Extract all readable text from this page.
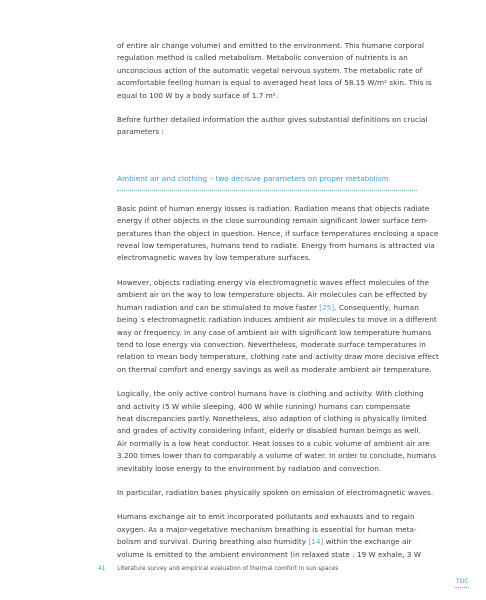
of entire air change volume) and emitted to the environment. This humane corporal
regulation method is called metabolism. Metabolic conversion of nutrients is an
unconscious action of the automatic vegetal nervous system. The metabolic rate of
acomfortable feeling human is equal to averaged heat loss of 58.15 W/m² skin. This is
equal to 100 W by a body surface of 1.7 m².

Before further detailed information the author gives substantial definitions on crucial
parameters :

Ambient air and clothing – two decisive parameters on proper metabolism

Basic point of human energy losses is radiation. Radiation means that objects radiate
energy if other objects in the close surrounding remain significant lower surface tem-
peratures than the object in question. Hence, if surface temperatures enclosing a space
reveal low temperatures, humans tend to radiate. Energy from humans is attracted via
electromagnetic waves by low temperature surfaces.

However, objects radiating energy via electromagnetic waves effect molecules of the
ambient air on the way to low temperature objects. Air molecules can be effected by
human radiation and can be stimulated to move faster [25]. Consequently, human
being´s electromagnetic radiation induces ambient air molecules to move in a different
way or frequency. In any case of ambient air with significant low temperature humans
tend to lose energy via convection. Nevertheless, moderate surface temperatures in
relation to mean body temperature, clothing rate and activity draw more decisive effect
on thermal comfort and energy savings as well as moderate ambient air temperature.

Logically, the only active control humans have is clothing and activity. With clothing
and activity (5 W while sleeping, 400 W while running) humans can compensate
heat discrepancies partly. Nonetheless, also adaption of clothing is physically limited
and grades of activity considering infant, elderly or disabled human beings as well.
Air normally is a low heat conductor. Heat losses to a cubic volume of ambient air are
3.200 times lower than to comparably a volume of water. In order to conclude, humans
inevitably loose energy to the environment by radiation and convection.

In particular, radiation bases physically spoken on emission of electromagnetic waves.

Humans exchange air to emit incorporated pollutants and exhausts and to regain
oxygen. As a major-vegetative mechanism breathing is essential for human meta-
bolism and survival. During breathing also humidity [14] within the exchange air
volume is emitted to the ambient environment (in relaxed state : 19 W exhale, 3 W

41 Literature survey and empirical evaluation of thermal comfort in sun spaces
TOC
